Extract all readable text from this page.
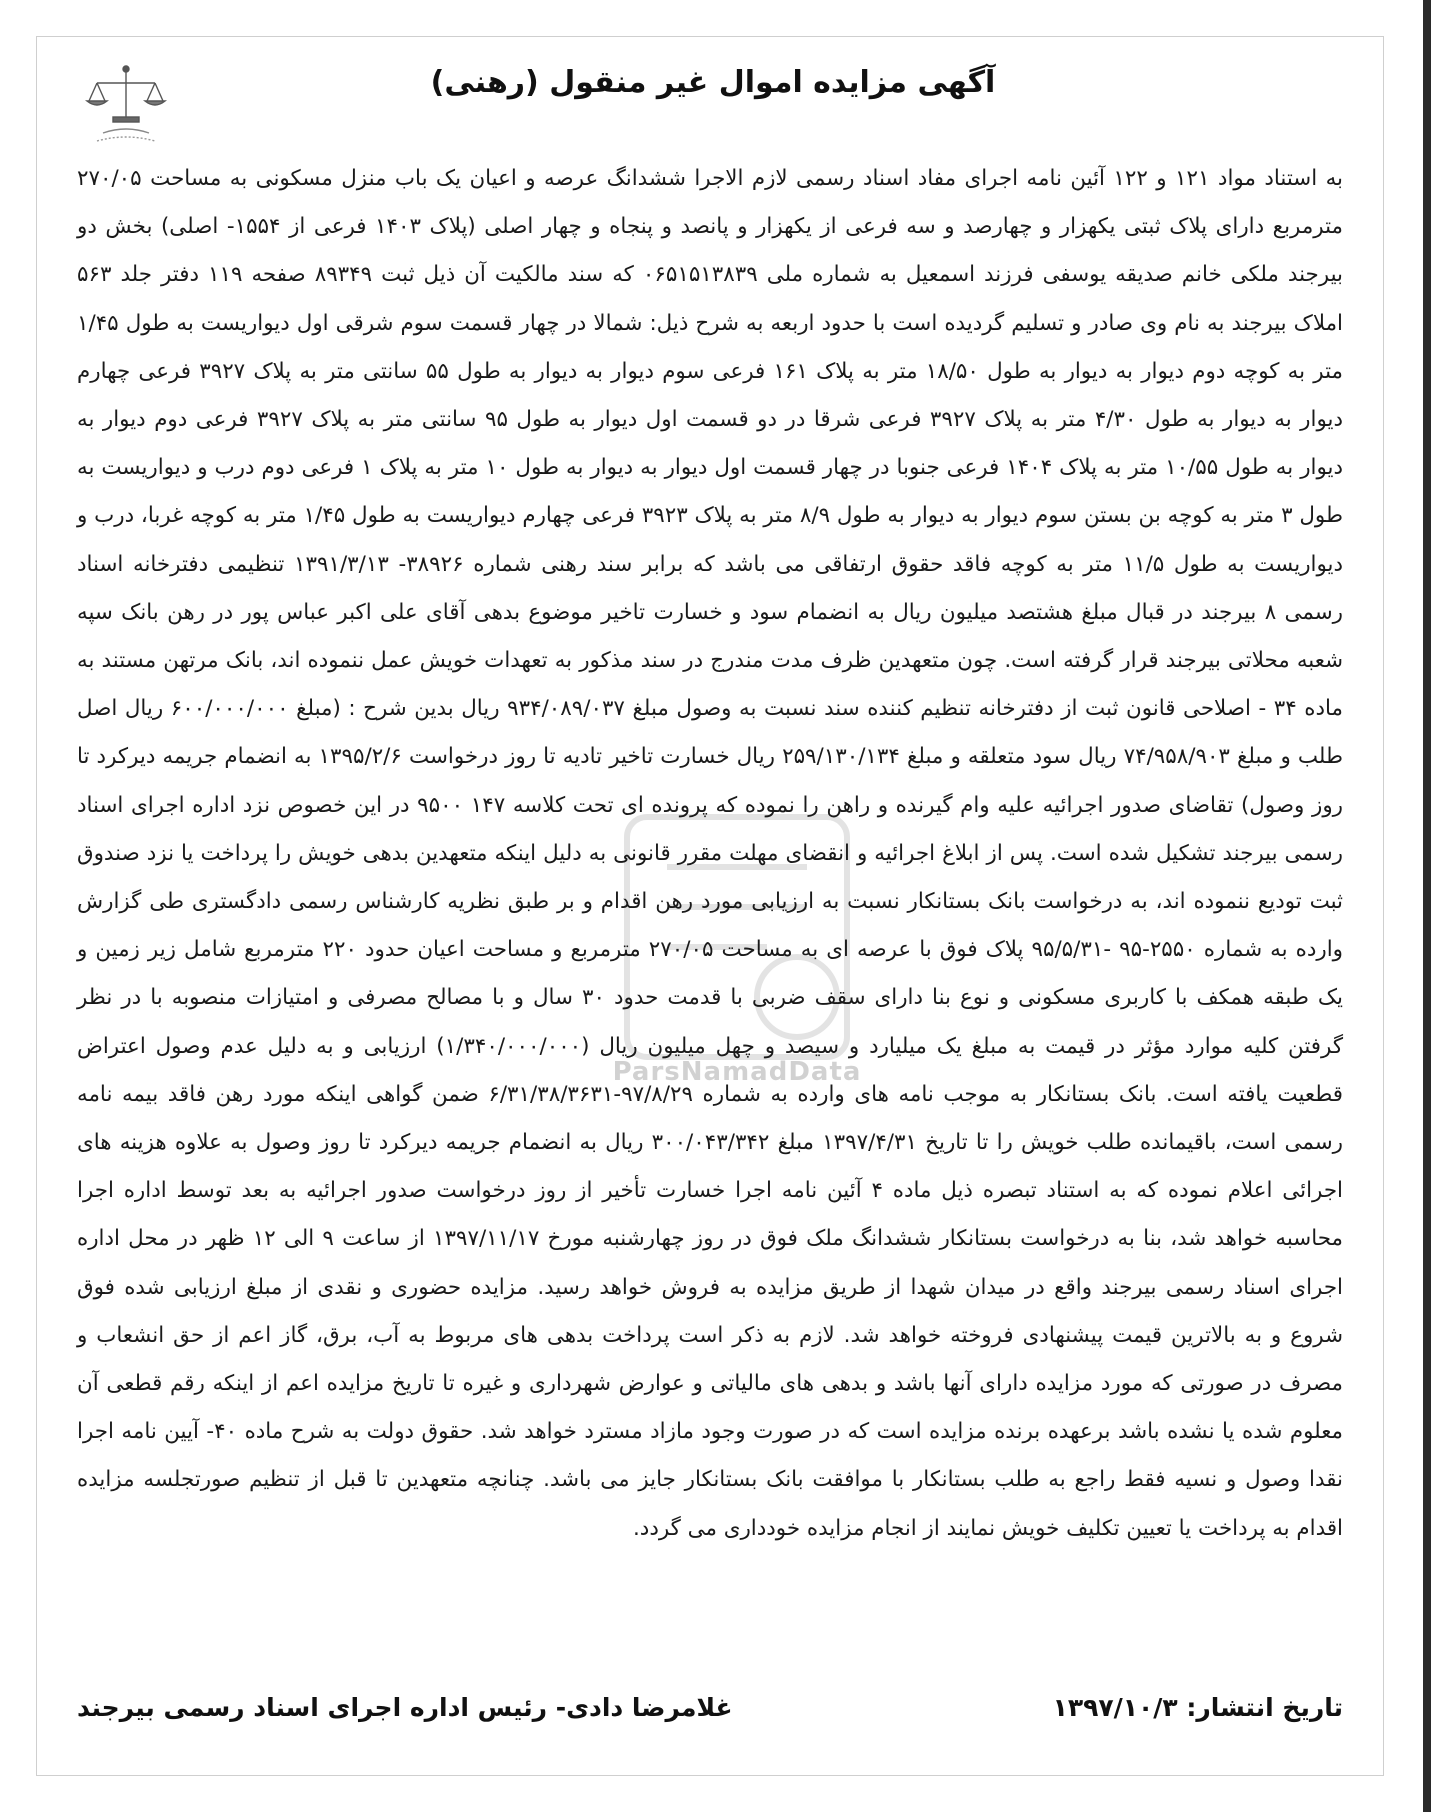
آگهی مزایده اموال غیر منقول (رهنی)
ParsNamadData
به استناد مواد ۱۲۱ و ۱۲۲ آئین نامه اجرای مفاد اسناد رسمی لازم الاجرا ششدانگ عرصه و اعیان یک باب منزل مسکونی به مساحت ۲۷۰/۰۵ مترمربع دارای پلاک ثبتی یکهزار و چهارصد و سه فرعی از یکهزار و پانصد و پنجاه و چهار اصلی (پلاک ۱۴۰۳ فرعی از ۱۵۵۴- اصلی) بخش دو بیرجند ملکی خانم صدیقه یوسفی فرزند اسمعیل به شماره ملی ۰۶۵۱۵۱۳۸۳۹ که سند مالکیت آن ذیل ثبت ۸۹۳۴۹ صفحه ۱۱۹ دفتر جلد ۵۶۳ املاک بیرجند به نام وی صادر و تسلیم گردیده است با حدود اربعه به شرح ذیل: شمالا در چهار قسمت سوم شرقی اول دیواریست به طول ۱/۴۵ متر به کوچه دوم دیوار به دیوار به طول ۱۸/۵۰ متر به پلاک ۱۶۱ فرعی سوم دیوار به دیوار به طول ۵۵ سانتی متر به پلاک ۳۹۲۷ فرعی چهارم دیوار به دیوار به طول ۴/۳۰ متر به پلاک ۳۹۲۷ فرعی شرقا در دو قسمت اول دیوار به طول ۹۵ سانتی متر به پلاک ۳۹۲۷ فرعی دوم دیوار به دیوار به طول ۱۰/۵۵ متر به پلاک ۱۴۰۴ فرعی جنوبا در چهار قسمت اول دیوار به دیوار به طول ۱۰ متر به پلاک ۱ فرعی دوم درب و دیواریست به طول ۳ متر به کوچه بن بستن سوم دیوار به دیوار به طول ۸/۹ متر به پلاک ۳۹۲۳ فرعی چهارم دیواریست به طول ۱/۴۵ متر به کوچه غربا، درب و دیواریست به طول ۱۱/۵ متر به کوچه فاقد حقوق ارتفاقی می باشد که برابر سند رهنی شماره ۳۸۹۲۶- ۱۳۹۱/۳/۱۳ تنظیمی دفترخانه اسناد رسمی ۸ بیرجند در قبال مبلغ هشتصد میلیون ریال به انضمام سود و خسارت تاخیر موضوع بدهی آقای علی اکبر عباس پور در رهن بانک سپه شعبه محلاتی بیرجند قرار گرفته است. چون متعهدین ظرف مدت مندرج در سند مذکور به تعهدات خویش عمل ننموده اند، بانک مرتهن مستند به ماده ۳۴ - اصلاحی قانون ثبت از دفترخانه تنظیم کننده سند نسبت به وصول مبلغ ۹۳۴/۰۸۹/۰۳۷ ریال بدین شرح : (مبلغ ۶۰۰/۰۰۰/۰۰۰ ریال اصل طلب و مبلغ ۷۴/۹۵۸/۹۰۳ ریال سود متعلقه و مبلغ ۲۵۹/۱۳۰/۱۳۴ ریال خسارت تاخیر تادیه تا روز درخواست ۱۳۹۵/۲/۶ به انضمام جریمه دیرکرد تا روز وصول) تقاضای صدور اجرائیه علیه وام گیرنده و راهن را نموده که پرونده ای تحت کلاسه ۱۴۷ ۹۵۰۰ در این خصوص نزد اداره اجرای اسناد رسمی بیرجند تشکیل شده است. پس از ابلاغ اجرائیه و انقضای مهلت مقرر قانونی به دلیل اینکه متعهدین بدهی خویش را پرداخت یا نزد صندوق ثبت تودیع ننموده اند، به درخواست بانک بستانکار نسبت به ارزیابی مورد رهن اقدام و بر طبق نظریه کارشناس رسمی دادگستری طی گزارش وارده به شماره ۲۵۵۰-۹۵ -۹۵/۵/۳۱ پلاک فوق با عرصه ای به مساحت ۲۷۰/۰۵ مترمربع و مساحت اعیان حدود ۲۲۰ مترمربع شامل زیر زمین و یک طبقه همکف با کاربری مسکونی و نوع بنا دارای سقف ضربی با قدمت حدود ۳۰ سال و با مصالح مصرفی و امتیازات منصوبه با در نظر گرفتن کلیه موارد مؤثر در قیمت به مبلغ یک میلیارد و سیصد و چهل میلیون ریال (۱/۳۴۰/۰۰۰/۰۰۰) ارزیابی و به دلیل عدم وصول اعتراض قطعیت یافته است. بانک بستانکار به موجب نامه های وارده به شماره ۹۷/۸/۲۹-۶/۳۱/۳۸/۳۶۳۱ ضمن گواهی اینکه مورد رهن فاقد بیمه نامه رسمی است، باقیمانده طلب خویش را تا تاریخ ۱۳۹۷/۴/۳۱ مبلغ ۳۰۰/۰۴۳/۳۴۲ ریال به انضمام جریمه دیرکرد تا روز وصول به علاوه هزینه های اجرائی اعلام نموده که به استناد تبصره ذیل ماده ۴ آئین نامه اجرا خسارت تأخیر از روز درخواست صدور اجرائیه به بعد توسط اداره اجرا محاسبه خواهد شد، بنا به درخواست بستانکار ششدانگ ملک فوق در روز چهارشنبه مورخ ۱۳۹۷/۱۱/۱۷ از ساعت ۹ الی ۱۲ ظهر در محل اداره اجرای اسناد رسمی بیرجند واقع در میدان شهدا از طریق مزایده به فروش خواهد رسید. مزایده حضوری و نقدی از مبلغ ارزیابی شده فوق شروع و به بالاترین قیمت پیشنهادی فروخته خواهد شد. لازم به ذکر است پرداخت بدهی های مربوط به آب، برق، گاز اعم از حق انشعاب و مصرف در صورتی که مورد مزایده دارای آنها باشد و بدهی های مالیاتی و عوارض شهرداری و غیره تا تاریخ مزایده اعم از اینکه رقم قطعی آن معلوم شده یا نشده باشد برعهده برنده مزایده است که در صورت وجود مازاد مسترد خواهد شد. حقوق دولت به شرح ماده ۴۰- آیین نامه اجرا نقدا وصول و نسیه فقط راجع به طلب بستانکار با موافقت بانک بستانکار جایز می باشد. چنانچه متعهدین تا قبل از تنظیم صورتجلسه مزایده اقدام به پرداخت یا تعیین تکلیف خویش نمایند از انجام مزایده خودداری می گردد.
تاریخ انتشار: ۱۳۹۷/۱۰/۳
غلامرضا دادی- رئیس اداره اجرای اسناد رسمی بیرجند
